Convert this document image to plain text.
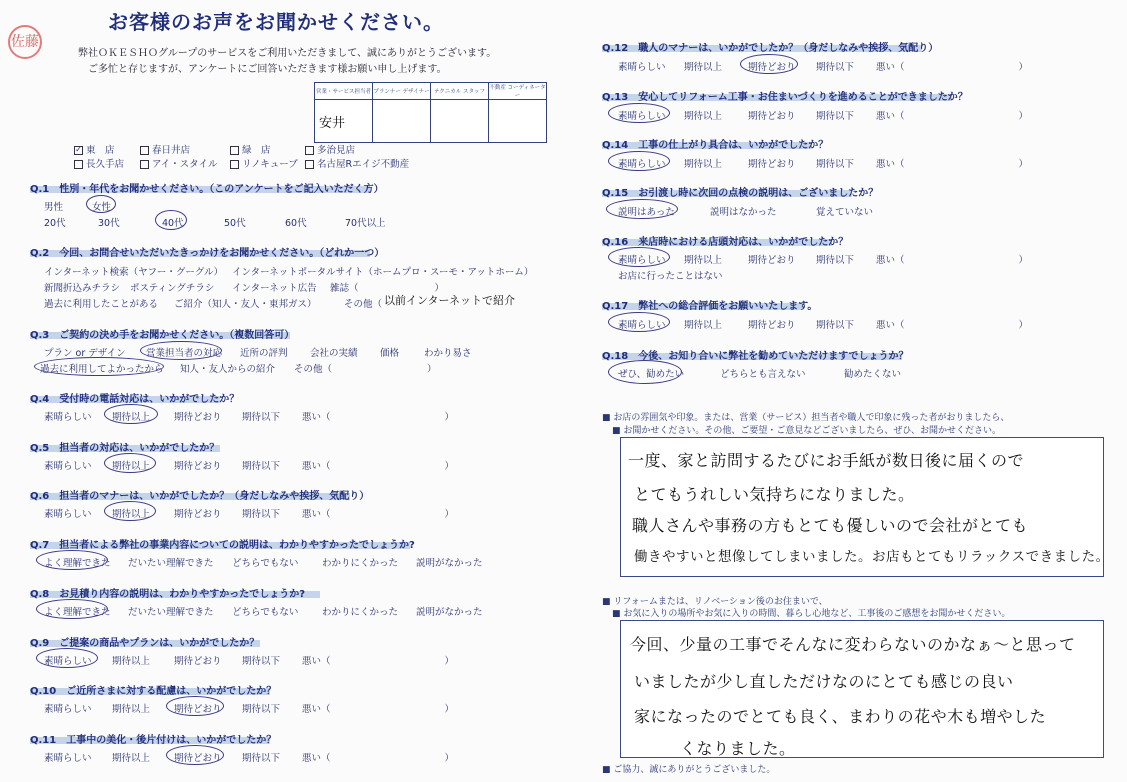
佐藤
お客様のお声をお聞かせください。
弊社ＯＫＥＳＨＯグループのサービスをご利用いただきまして、誠にありがとうございます。
ご多忙と存じますが、アンケートにご回答いただきます様お願い申し上げます。
営業・サービス担当者	プランナー デザイナー	テクニカル スタッフ	不動産 コーディネーター
安井			
✓ 東　店	春日井店	緑　店	多治見店
長久手店	アイ・スタイル	リノキューブ	名古屋Rエイジ不動産
Q.1　性別・年代をお聞かせください。（このアンケートをご記入いただく方）
男性	女性
20代	30代	40代	50代	60代	70代以上
Q.2　今回、お問合せいただいたきっかけをお聞かせください。（どれか一つ）
インターネット検索（ヤフー・グーグル） インターネットポータルサイト（ホームプロ・スーモ・アットホーム）
新聞折込みチラシ ポスティングチラシ インターネット広告 雑誌（　　　　　　　　）
過去に利用したことがある ご紹介（知人・友人・東邦ガス）	その他（ 以前インターネットで紹介
Q.3　ご契約の決め手をお聞かせください。（複数回答可）
プラン or デザイン 営業担当者の対応 近所の評判 会社の実績 価格	わかり易さ
過去に利用してよかったから 知人・友人からの紹介 その他（　　　　　　　　　　）
Q.4　受付時の電話対応は、いかがでしたか？
素晴らしい 期待以上	期待どおり 期待以下 悪い（　　　　　　　　　　　　）
Q.5　担当者の対応は、いかがでしたか？
素晴らしい 期待以上	期待どおり 期待以下 悪い（　　　　　　　　　　　　）
Q.6　担当者のマナーは、いかがでしたか？（身だしなみや挨拶、気配り）
素晴らしい 期待以上	期待どおり 期待以下 悪い（　　　　　　　　　　　　）
Q.7　担当者による弊社の事業内容についての説明は、わかりやすかったでしょうか?
よく理解できた だいたい理解できた どちらでもない わかりにくかった 説明がなかった
Q.8　お見積り内容の説明は、わかりやすかったでしょうか?
よく理解できた だいたい理解できた どちらでもない わかりにくかった 説明がなかった
Q.9　ご提案の商品やプランは、いかがでしたか？
素晴らしい 期待以上	期待どおり 期待以下 悪い（　　　　　　　　　　　　）
Q.10　ご近所さまに対する配慮は、いかがでしたか？
素晴らしい 期待以上	期待どおり 期待以下 悪い（　　　　　　　　　　　　）
Q.11　工事中の美化・後片付けは、いかがでしたか？
素晴らしい 期待以上	期待どおり 期待以下 悪い（　　　　　　　　　　　　）
Q.12　職人のマナーは、いかがでしたか？（身だしなみや挨拶、気配り）
素晴らしい 期待以上	期待どおり 期待以下 悪い（　　　　　　　　　　　　）
Q.13　安心してリフォーム工事・お住まいづくりを進めることができましたか？
素晴らしい 期待以上	期待どおり 期待以下 悪い（　　　　　　　　　　　　）
Q.14　工事の仕上がり具合は、いかがでしたか？
素晴らしい 期待以上	期待どおり 期待以下 悪い（　　　　　　　　　　　　）
Q.15　お引渡し時に次回の点検の説明は、ございましたか？
説明はあった	説明はなかった	覚えていない
Q.16　来店時における店頭対応は、いかがでしたか？
素晴らしい 期待以上	期待どおり 期待以下 悪い（　　　　　　　　　　　　）
お店に行ったことはない
Q.17　弊社への総合評価をお願いいたします。
素晴らしい 期待以上	期待どおり 期待以下 悪い（　　　　　　　　　　　　）
Q.18　今後、お知り合いに弊社を勧めていただけますでしょうか？
ぜひ、勧めたい	どちらとも言えない	勧めたくない
■ お店の雰囲気や印象。または、営業（サービス）担当者や職人で印象に残った者がおりましたら、
■ お聞かせください。その他、ご要望・ご意見などございましたら、ぜひ、お聞かせください。
一度、家と訪問するたびにお手紙が数日後に届くので
とてもうれしい気持ちになりました。
職人さんや事務の方もとても優しいので会社がとても
働きやすいと想像してしまいました。お店もとてもリラックスできました。
■ リフォームまたは、リノベーション後のお住まいで、
■ お気に入りの場所やお気に入りの時間、暮らし心地など、工事後のご感想をお聞かせください。
今回、少量の工事でそんなに変わらないのかなぁ〜と思って
いましたが少し直しただけなのにとても感じの良い
家になったのでとても良く、まわりの花や木も増やした
くなりました。
■ ご協力、誠にありがとうございました。
